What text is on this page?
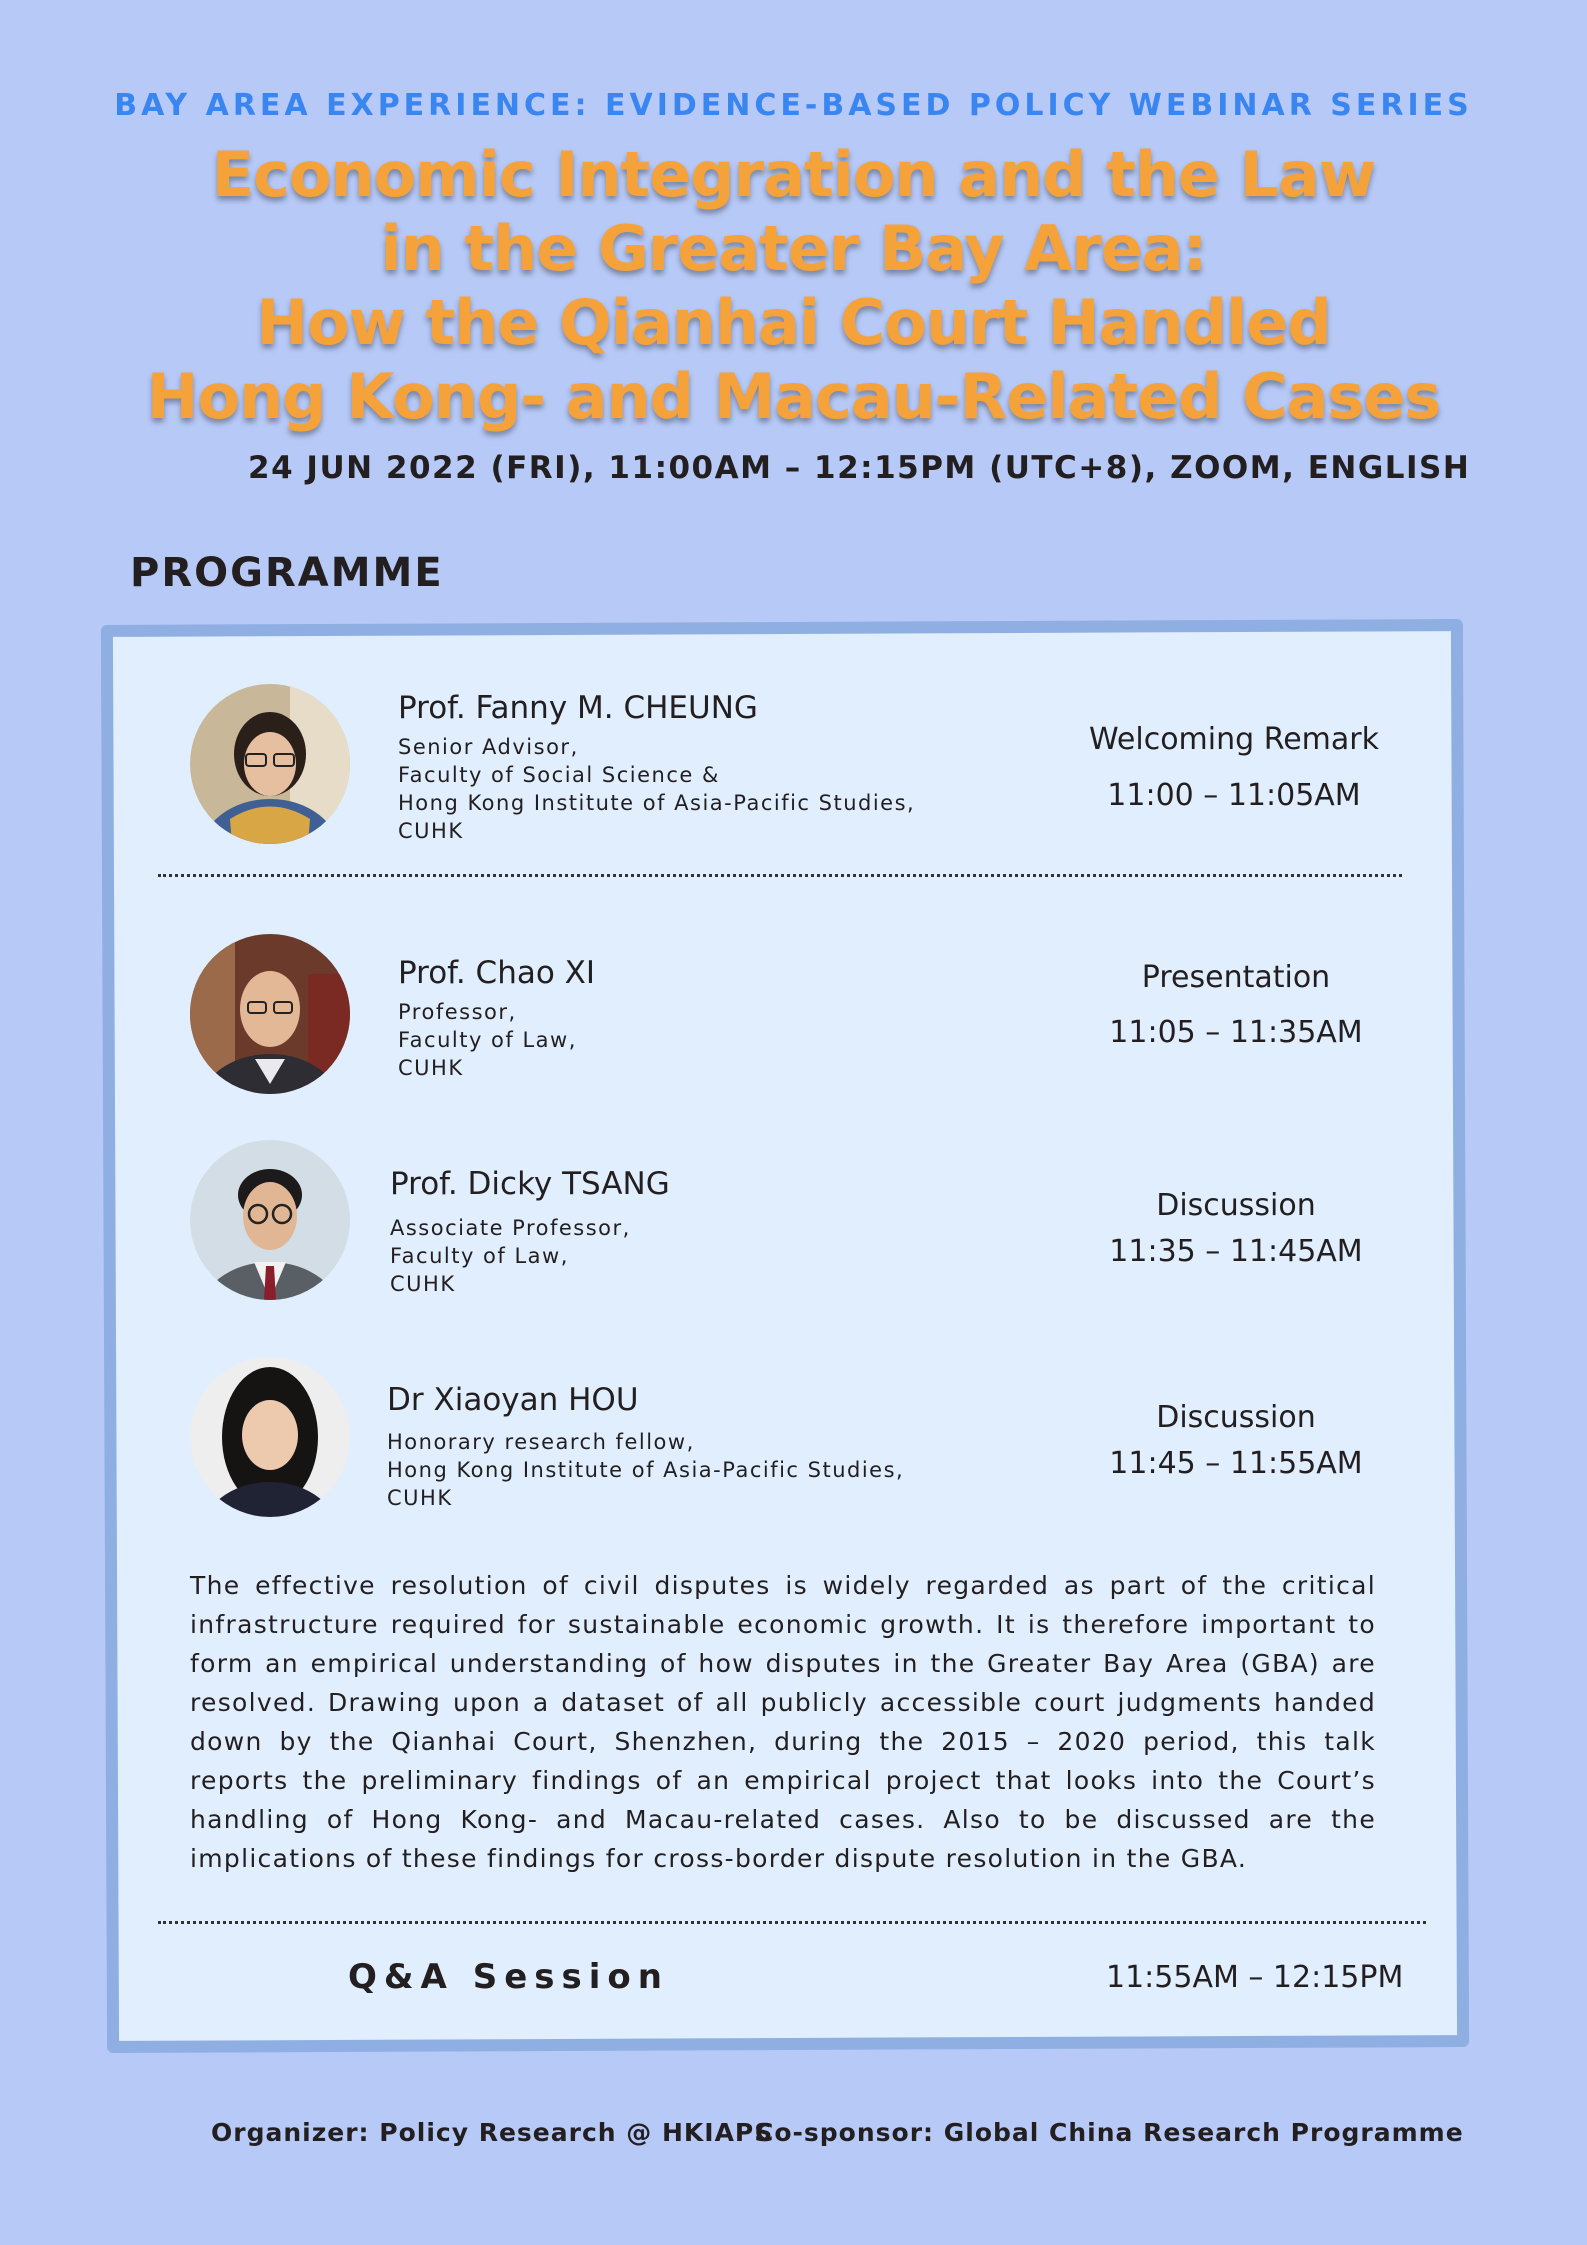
BAY AREA EXPERIENCE: EVIDENCE-BASED POLICY WEBINAR SERIES
Economic Integration and the Law
in the Greater Bay Area:
How the Qianhai Court Handled
Hong Kong- and Macau-Related Cases
24 JUN 2022 (FRI), 11:00AM – 12:15PM (UTC+8), ZOOM, ENGLISH
PROGRAMME
Prof. Fanny M. CHEUNG
Senior Advisor,
Faculty of Social Science &
Hong Kong Institute of Asia-Pacific Studies,
CUHK
Welcoming Remark
11:00 – 11:05AM
Prof. Chao XI
Professor,
Faculty of Law,
CUHK
Presentation
11:05 – 11:35AM
Prof. Dicky TSANG
Associate Professor,
Faculty of Law,
CUHK
Discussion
11:35 – 11:45AM
Dr Xiaoyan HOU
Honorary research fellow,
Hong Kong Institute of Asia-Pacific Studies,
CUHK
Discussion
11:45 – 11:55AM

The effective resolution of civil disputes is widely regarded as part of the critical infrastructure required for sustainable economic growth. It is therefore important to form an empirical understanding of how disputes in the Greater Bay Area (GBA) are resolved. Drawing upon a dataset of all publicly accessible court judgments handed down by the Qianhai Court, Shenzhen, during the 2015 – 2020 period, this talk reports the preliminary findings of an empirical project that looks into the Court’s handling of Hong Kong- and Macau-related cases. Also to be discussed are the implications of these findings for cross-border dispute resolution in the GBA.

Q&A Session	11:55AM – 12:15PM
Organizer: Policy Research @ HKIAPS
Co-sponsor: Global China Research Programme
